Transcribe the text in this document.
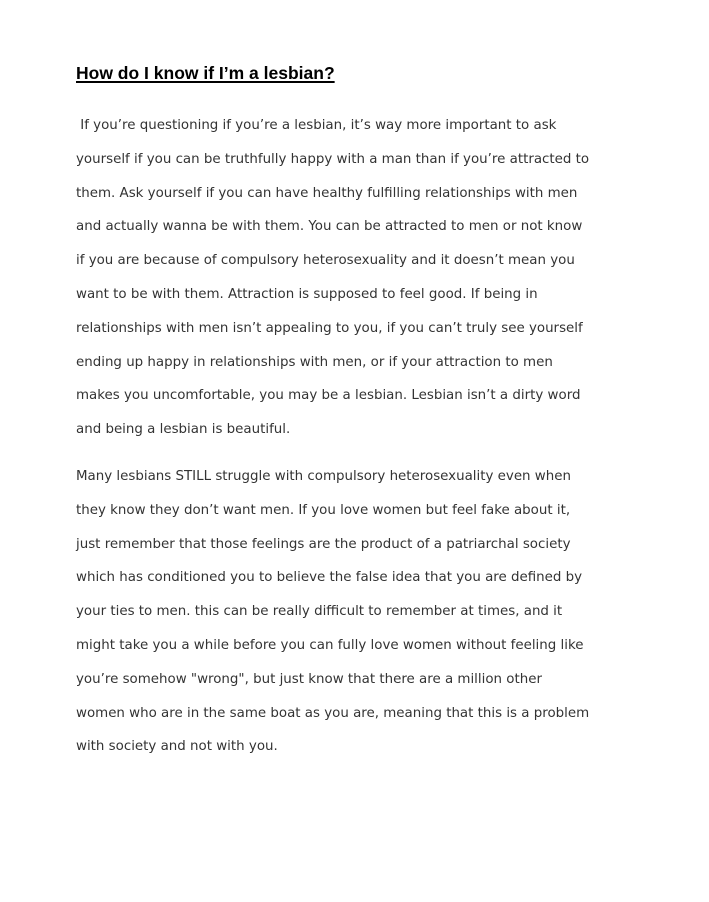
How do I know if I’m a lesbian?
If you’re questioning if you’re a lesbian, it’s way more important to ask
yourself if you can be truthfully happy with a man than if you’re attracted to
them. Ask yourself if you can have healthy fulfilling relationships with men
and actually wanna be with them. You can be attracted to men or not know
if you are because of compulsory heterosexuality and it doesn’t mean you
want to be with them. Attraction is supposed to feel good. If being in
relationships with men isn’t appealing to you, if you can’t truly see yourself
ending up happy in relationships with men, or if your attraction to men
makes you uncomfortable, you may be a lesbian. Lesbian isn’t a dirty word
and being a lesbian is beautiful.
Many lesbians STILL struggle with compulsory heterosexuality even when
they know they don’t want men. If you love women but feel fake about it,
just remember that those feelings are the product of a patriarchal society
which has conditioned you to believe the false idea that you are defined by
your ties to men. this can be really difficult to remember at times, and it
might take you a while before you can fully love women without feeling like
you’re somehow "wrong", but just know that there are a million other
women who are in the same boat as you are, meaning that this is a problem
with society and not with you.
